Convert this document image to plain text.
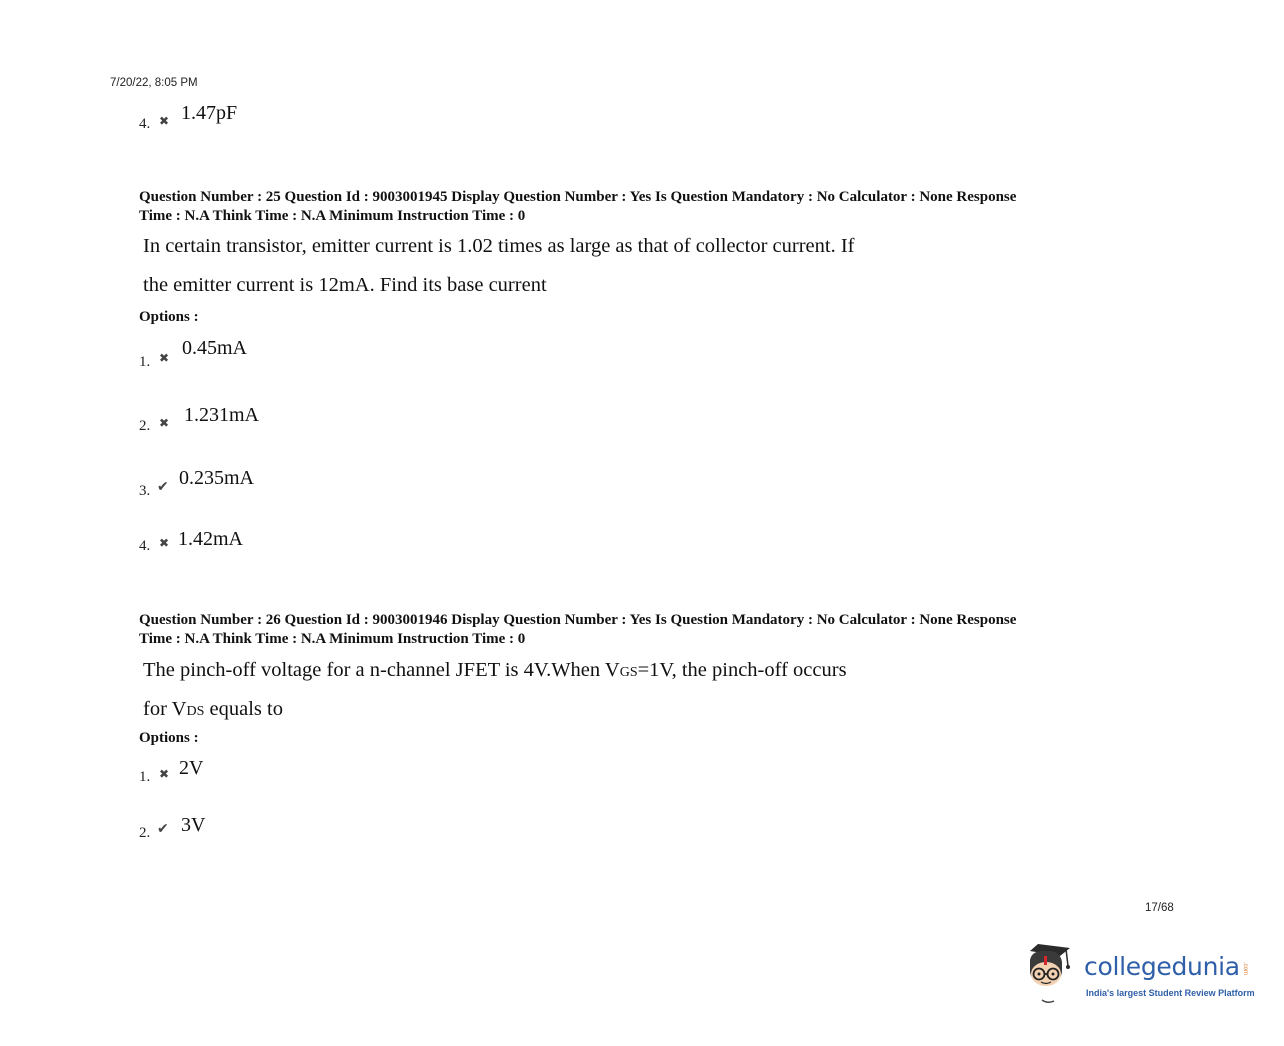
7/20/22, 8:05 PM
4. ✖ 1.47pF
Question Number : 25 Question Id : 9003001945 Display Question Number : Yes Is Question Mandatory : No Calculator : None Response
Time : N.A Think Time : N.A Minimum Instruction Time : 0
In certain transistor, emitter current is 1.02 times as large as that of collector current. If
the emitter current is 12mA. Find its base current
Options :
1. ✖ 0.45mA
2. ✖ 1.231mA
3. ✔ 0.235mA
4. ✖ 1.42mA
Question Number : 26 Question Id : 9003001946 Display Question Number : Yes Is Question Mandatory : No Calculator : None Response
Time : N.A Think Time : N.A Minimum Instruction Time : 0
The pinch-off voltage for a n-channel JFET is 4V.When VGS=1V, the pinch-off occurs
for VDS equals to
Options :
1. ✖ 2V
2. ✔ 3V
17/68
collegedunia .com
India's largest Student Review Platform
